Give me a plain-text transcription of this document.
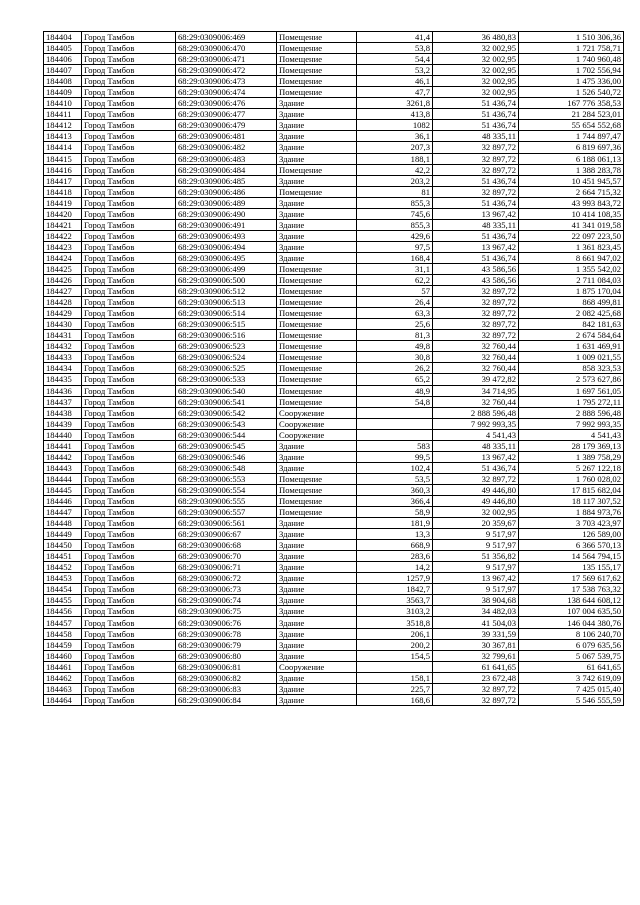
184404	Город Тамбов	68:29:0309006:469	Помещение	41,4	36 480,83	1 510 306,36
184405	Город Тамбов	68:29:0309006:470	Помещение	53,8	32 002,95	1 721 758,71
184406	Город Тамбов	68:29:0309006:471	Помещение	54,4	32 002,95	1 740 960,48
184407	Город Тамбов	68:29:0309006:472	Помещение	53,2	32 002,95	1 702 556,94
184408	Город Тамбов	68:29:0309006:473	Помещение	46,1	32 002,95	1 475 336,00
184409	Город Тамбов	68:29:0309006:474	Помещение	47,7	32 002,95	1 526 540,72
184410	Город Тамбов	68:29:0309006:476	Здание	3261,8	51 436,74	167 776 358,53
184411	Город Тамбов	68:29:0309006:477	Здание	413,8	51 436,74	21 284 523,01
184412	Город Тамбов	68:29:0309006:479	Здание	1082	51 436,74	55 654 552,68
184413	Город Тамбов	68:29:0309006:481	Здание	36,1	48 335,11	1 744 897,47
184414	Город Тамбов	68:29:0309006:482	Здание	207,3	32 897,72	6 819 697,36
184415	Город Тамбов	68:29:0309006:483	Здание	188,1	32 897,72	6 188 061,13
184416	Город Тамбов	68:29:0309006:484	Помещение	42,2	32 897,72	1 388 283,78
184417	Город Тамбов	68:29:0309006:485	Здание	203,2	51 436,74	10 451 945,57
184418	Город Тамбов	68:29:0309006:486	Помещение	81	32 897,72	2 664 715,32
184419	Город Тамбов	68:29:0309006:489	Здание	855,3	51 436,74	43 993 843,72
184420	Город Тамбов	68:29:0309006:490	Здание	745,6	13 967,42	10 414 108,35
184421	Город Тамбов	68:29:0309006:491	Здание	855,3	48 335,11	41 341 019,58
184422	Город Тамбов	68:29:0309006:493	Здание	429,6	51 436,74	22 097 223,50
184423	Город Тамбов	68:29:0309006:494	Здание	97,5	13 967,42	1 361 823,45
184424	Город Тамбов	68:29:0309006:495	Здание	168,4	51 436,74	8 661 947,02
184425	Город Тамбов	68:29:0309006:499	Помещение	31,1	43 586,56	1 355 542,02
184426	Город Тамбов	68:29:0309006:500	Помещение	62,2	43 586,56	2 711 084,03
184427	Город Тамбов	68:29:0309006:512	Помещение	57	32 897,72	1 875 170,04
184428	Город Тамбов	68:29:0309006:513	Помещение	26,4	32 897,72	868 499,81
184429	Город Тамбов	68:29:0309006:514	Помещение	63,3	32 897,72	2 082 425,68
184430	Город Тамбов	68:29:0309006:515	Помещение	25,6	32 897,72	842 181,63
184431	Город Тамбов	68:29:0309006:516	Помещение	81,3	32 897,72	2 674 584,64
184432	Город Тамбов	68:29:0309006:523	Помещение	49,8	32 760,44	1 631 469,91
184433	Город Тамбов	68:29:0309006:524	Помещение	30,8	32 760,44	1 009 021,55
184434	Город Тамбов	68:29:0309006:525	Помещение	26,2	32 760,44	858 323,53
184435	Город Тамбов	68:29:0309006:533	Помещение	65,2	39 472,82	2 573 627,86
184436	Город Тамбов	68:29:0309006:540	Помещение	48,9	34 714,95	1 697 561,05
184437	Город Тамбов	68:29:0309006:541	Помещение	54,8	32 760,44	1 795 272,11
184438	Город Тамбов	68:29:0309006:542	Сооружение		2 888 596,48	2 888 596,48
184439	Город Тамбов	68:29:0309006:543	Сооружение		7 992 993,35	7 992 993,35
184440	Город Тамбов	68:29:0309006:544	Сооружение		4 541,43	4 541,43
184441	Город Тамбов	68:29:0309006:545	Здание	583	48 335,11	28 179 369,13
184442	Город Тамбов	68:29:0309006:546	Здание	99,5	13 967,42	1 389 758,29
184443	Город Тамбов	68:29:0309006:548	Здание	102,4	51 436,74	5 267 122,18
184444	Город Тамбов	68:29:0309006:553	Помещение	53,5	32 897,72	1 760 028,02
184445	Город Тамбов	68:29:0309006:554	Помещение	360,3	49 446,80	17 815 682,04
184446	Город Тамбов	68:29:0309006:555	Помещение	366,4	49 446,80	18 117 307,52
184447	Город Тамбов	68:29:0309006:557	Помещение	58,9	32 002,95	1 884 973,76
184448	Город Тамбов	68:29:0309006:561	Здание	181,9	20 359,67	3 703 423,97
184449	Город Тамбов	68:29:0309006:67	Здание	13,3	9 517,97	126 589,00
184450	Город Тамбов	68:29:0309006:68	Здание	668,9	9 517,97	6 366 570,13
184451	Город Тамбов	68:29:0309006:70	Здание	283,6	51 356,82	14 564 794,15
184452	Город Тамбов	68:29:0309006:71	Здание	14,2	9 517,97	135 155,17
184453	Город Тамбов	68:29:0309006:72	Здание	1257,9	13 967,42	17 569 617,62
184454	Город Тамбов	68:29:0309006:73	Здание	1842,7	9 517,97	17 538 763,32
184455	Город Тамбов	68:29:0309006:74	Здание	3563,7	38 904,68	138 644 608,12
184456	Город Тамбов	68:29:0309006:75	Здание	3103,2	34 482,03	107 004 635,50
184457	Город Тамбов	68:29:0309006:76	Здание	3518,8	41 504,03	146 044 380,76
184458	Город Тамбов	68:29:0309006:78	Здание	206,1	39 331,59	8 106 240,70
184459	Город Тамбов	68:29:0309006:79	Здание	200,2	30 367,81	6 079 635,56
184460	Город Тамбов	68:29:0309006:80	Здание	154,5	32 799,61	5 067 539,75
184461	Город Тамбов	68:29:0309006:81	Сооружение		61 641,65	61 641,65
184462	Город Тамбов	68:29:0309006:82	Здание	158,1	23 672,48	3 742 619,09
184463	Город Тамбов	68:29:0309006:83	Здание	225,7	32 897,72	7 425 015,40
184464	Город Тамбов	68:29:0309006:84	Здание	168,6	32 897,72	5 546 555,59
